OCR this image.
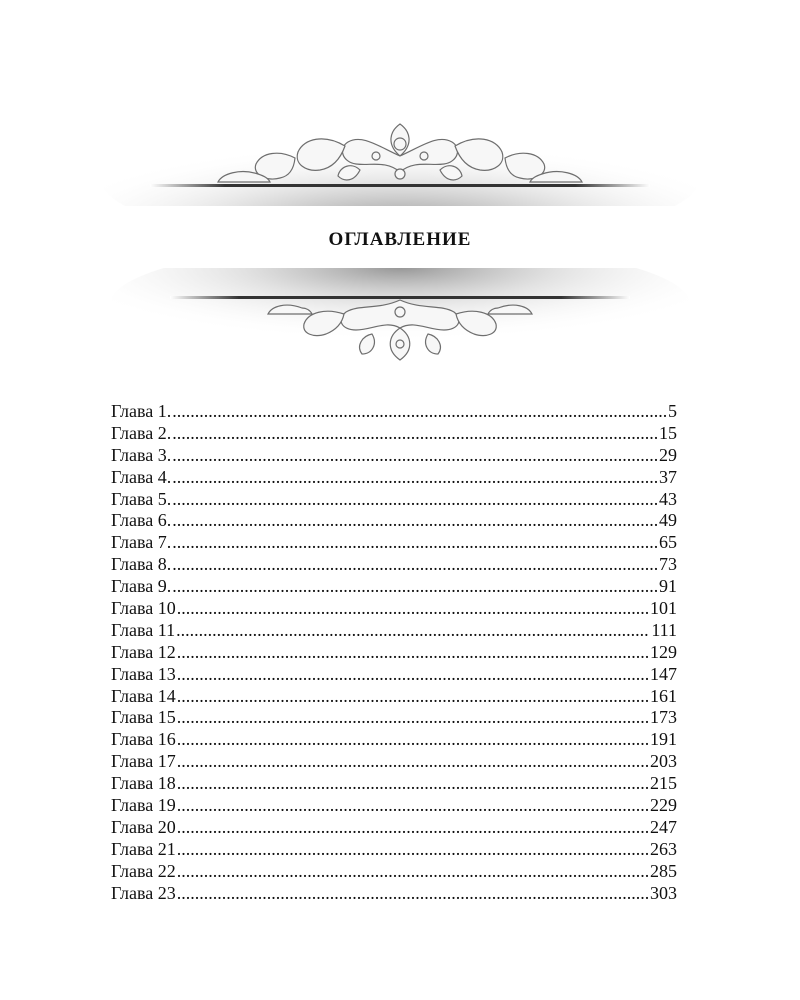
ОГЛАВЛЕНИЕ
Глава 1. .....	5
Глава 2. .....	15
Глава 3. .....	29
Глава 4. .....	37
Глава 5. .....	43
Глава 6. .....	49
Глава 7. .....	65
Глава 8. .....	73
Глава 9. .....	91
Глава 10 .....	101
Глава 11 .....	111
Глава 12 .....	129
Глава 13 .....	147
Глава 14 .....	161
Глава 15 .....	173
Глава 16 .....	191
Глава 17 .....	203
Глава 18 .....	215
Глава 19 .....	229
Глава 20 .....	247
Глава 21 .....	263
Глава 22 .....	285
Глава 23 .....	303
